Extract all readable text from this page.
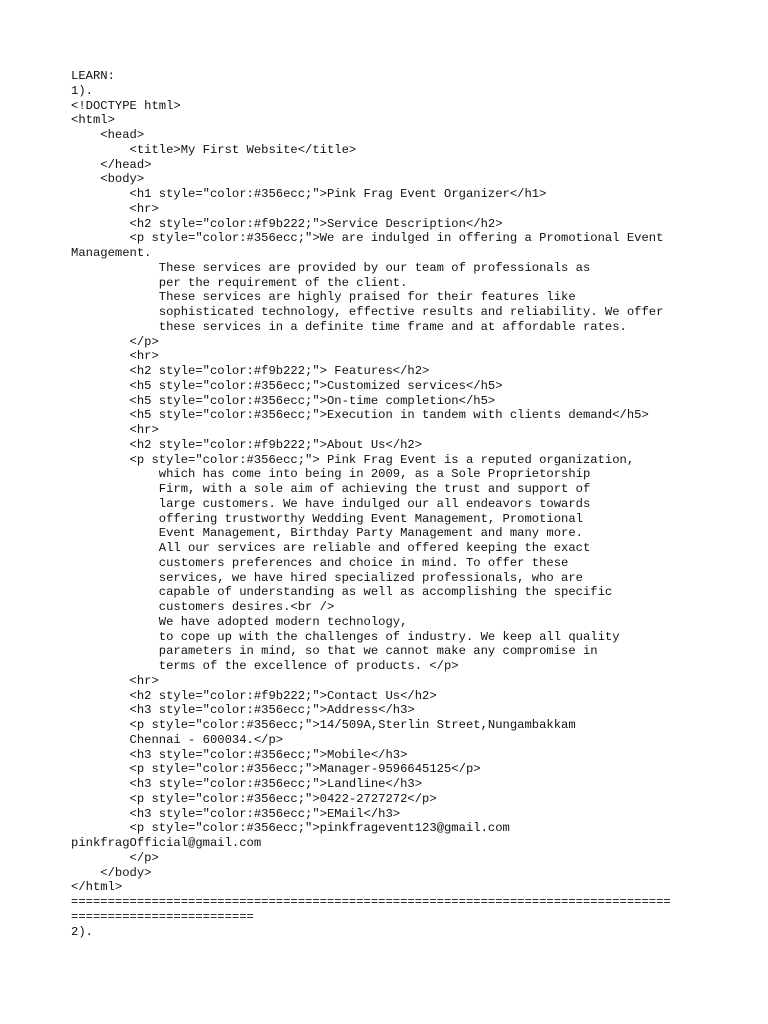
LEARN:
1).
<!DOCTYPE html>
<html>
<head>
<title>My First Website</title>
</head>
<body>
<h1 style="color:#356ecc;">Pink Frag Event Organizer</h1>
<hr>
<h2 style="color:#f9b222;">Service Description</h2>
<p style="color:#356ecc;">We are indulged in offering a Promotional Event
Management.
These services are provided by our team of professionals as
per the requirement of the client.
These services are highly praised for their features like
sophisticated technology, effective results and reliability. We offer
these services in a definite time frame and at affordable rates.
</p>
<hr>
<h2 style="color:#f9b222;"> Features</h2>
<h5 style="color:#356ecc;">Customized services</h5>
<h5 style="color:#356ecc;">On-time completion</h5>
<h5 style="color:#356ecc;">Execution in tandem with clients demand</h5>
<hr>
<h2 style="color:#f9b222;">About Us</h2>
<p style="color:#356ecc;"> Pink Frag Event is a reputed organization,
which has come into being in 2009, as a Sole Proprietorship
Firm, with a sole aim of achieving the trust and support of
large customers. We have indulged our all endeavors towards
offering trustworthy Wedding Event Management, Promotional
Event Management, Birthday Party Management and many more.
All our services are reliable and offered keeping the exact
customers preferences and choice in mind. To offer these
services, we have hired specialized professionals, who are
capable of understanding as well as accomplishing the specific
customers desires.<br />
We have adopted modern technology,
to cope up with the challenges of industry. We keep all quality
parameters in mind, so that we cannot make any compromise in
terms of the excellence of products. </p>
<hr>
<h2 style="color:#f9b222;">Contact Us</h2>
<h3 style="color:#356ecc;">Address</h3>
<p style="color:#356ecc;">14/509A,Sterlin Street,Nungambakkam
Chennai - 600034.</p>
<h3 style="color:#356ecc;">Mobile</h3>
<p style="color:#356ecc;">Manager-9596645125</p>
<h3 style="color:#356ecc;">Landline</h3>
<p style="color:#356ecc;">0422-2727272</p>
<h3 style="color:#356ecc;">EMail</h3>
<p style="color:#356ecc;">pinkfragevent123@gmail.com
pinkfragOfficial@gmail.com
</p>
</body>
</html>
==================================================================================
=========================
2).
